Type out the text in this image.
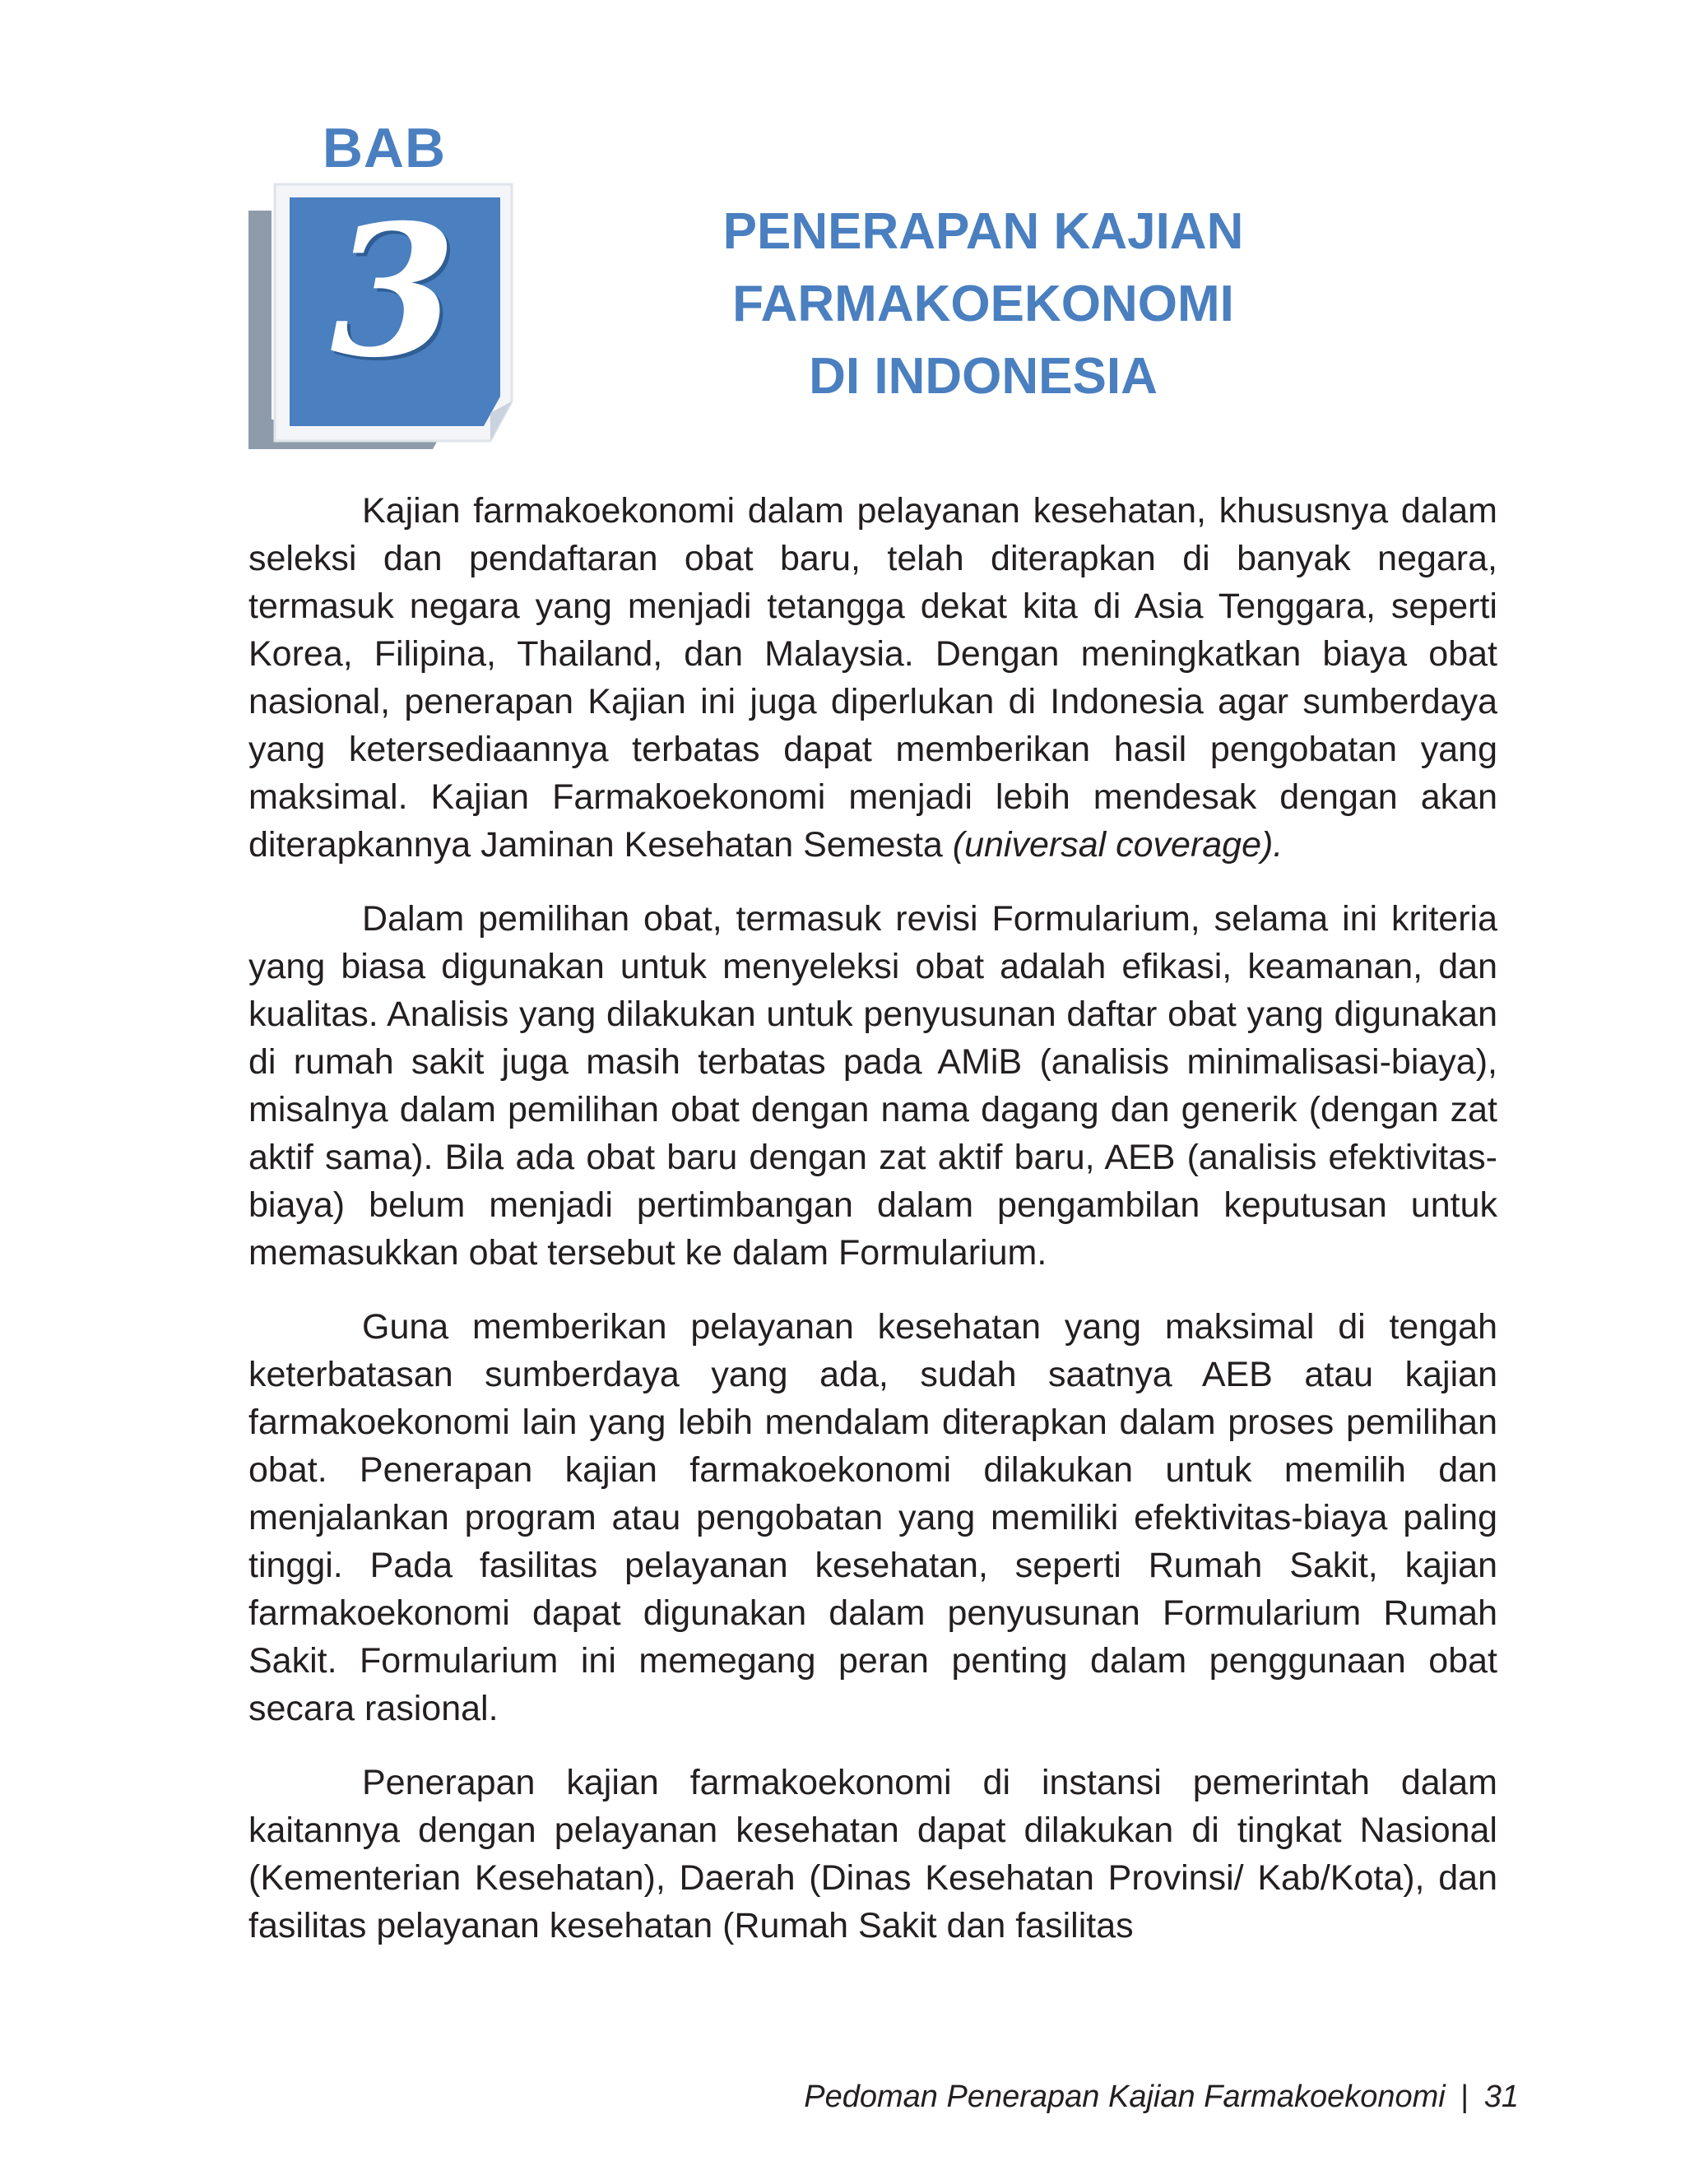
BAB
3	PENERAPAN KAJIAN
FARMAKOEKONOMI
DI INDONESIA

Kajian farmakoekonomi dalam pelayanan kesehatan, khususnya dalam seleksi dan pendaftaran obat baru, telah diterapkan di banyak negara, termasuk negara yang menjadi tetangga dekat kita di Asia Tenggara, seperti Korea, Filipina, Thailand, dan Malaysia. Dengan meningkatkan biaya obat nasional, penerapan Kajian ini juga diperlukan di Indonesia agar sumberdaya yang ketersediaannya terbatas dapat memberikan hasil pengobatan yang maksimal. Kajian Farmakoekonomi menjadi lebih mendesak dengan akan diterapkannya Jaminan Kesehatan Semesta (universal coverage).

Dalam pemilihan obat, termasuk revisi Formularium, selama ini kriteria yang biasa digunakan untuk menyeleksi obat adalah efikasi, keamanan, dan kualitas. Analisis yang dilakukan untuk penyusunan daftar obat yang digunakan di rumah sakit juga masih terbatas pada AMiB (analisis minimalisasi-biaya), misalnya dalam pemilihan obat dengan nama dagang dan generik (dengan zat aktif sama). Bila ada obat baru dengan zat aktif baru, AEB (analisis efektivitas-biaya) belum menjadi pertimbangan dalam pengambilan keputusan untuk memasukkan obat tersebut ke dalam Formularium.

Guna memberikan pelayanan kesehatan yang maksimal di tengah keterbatasan sumberdaya yang ada, sudah saatnya AEB atau kajian farmakoekonomi lain yang lebih mendalam diterapkan dalam proses pemilihan obat. Penerapan kajian farmakoekonomi dilakukan untuk memilih dan menjalankan program atau pengobatan yang memiliki efektivitas-biaya paling tinggi. Pada fasilitas pelayanan kesehatan, seperti Rumah Sakit, kajian farmakoekonomi dapat digunakan dalam penyusunan Formularium Rumah Sakit. Formularium ini memegang peran penting dalam penggunaan obat secara rasional.

Penerapan kajian farmakoekonomi di instansi pemerintah dalam kaitannya dengan pelayanan kesehatan dapat dilakukan di tingkat Nasional (Kementerian Kesehatan), Daerah (Dinas Kesehatan Provinsi/ Kab/Kota), dan fasilitas pelayanan kesehatan (Rumah Sakit dan fasilitas

Pedoman Penerapan Kajian Farmakoekonomi | 31
